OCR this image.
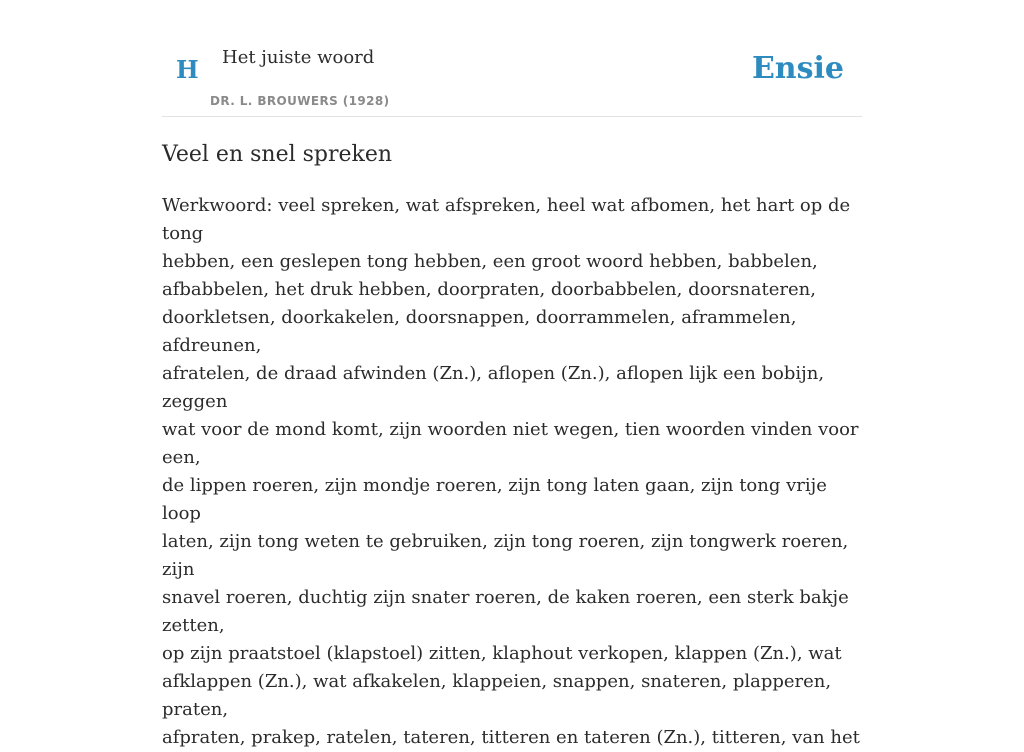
H Het juiste woord
DR. L. BROUWERS (1928)
Ensie
Veel en snel spreken

Werkwoord: veel spreken, wat afspreken, heel wat afbomen, het hart op de tong
hebben, een geslepen tong hebben, een groot woord hebben, babbelen,
afbabbelen, het druk hebben, doorpraten, doorbabbelen, doorsnateren,
doorkletsen, doorkakelen, doorsnappen, doorrammelen, aframmelen, afdreunen,
afratelen, de draad afwinden (Zn.), aflopen (Zn.), aflopen lijk een bobijn, zeggen
wat voor de mond komt, zijn woorden niet wegen, tien woorden vinden voor een,
de lippen roeren, zijn mondje roeren, zijn tong laten gaan, zijn tong vrije loop
laten, zijn tong weten te gebruiken, zijn tong roeren, zijn tongwerk roeren, zijn
snavel roeren, duchtig zijn snater roeren, de kaken roeren, een sterk bakje zetten,
op zijn praatstoel (klapstoel) zitten, klaphout verkopen, klappen (Zn.), wat
afklappen (Zn.), wat afkakelen, klappeien, snappen, snateren, plapperen, praten,
afpraten, prakep, ratelen, tateren, titteren en tateren (Zn.), titteren, van het
